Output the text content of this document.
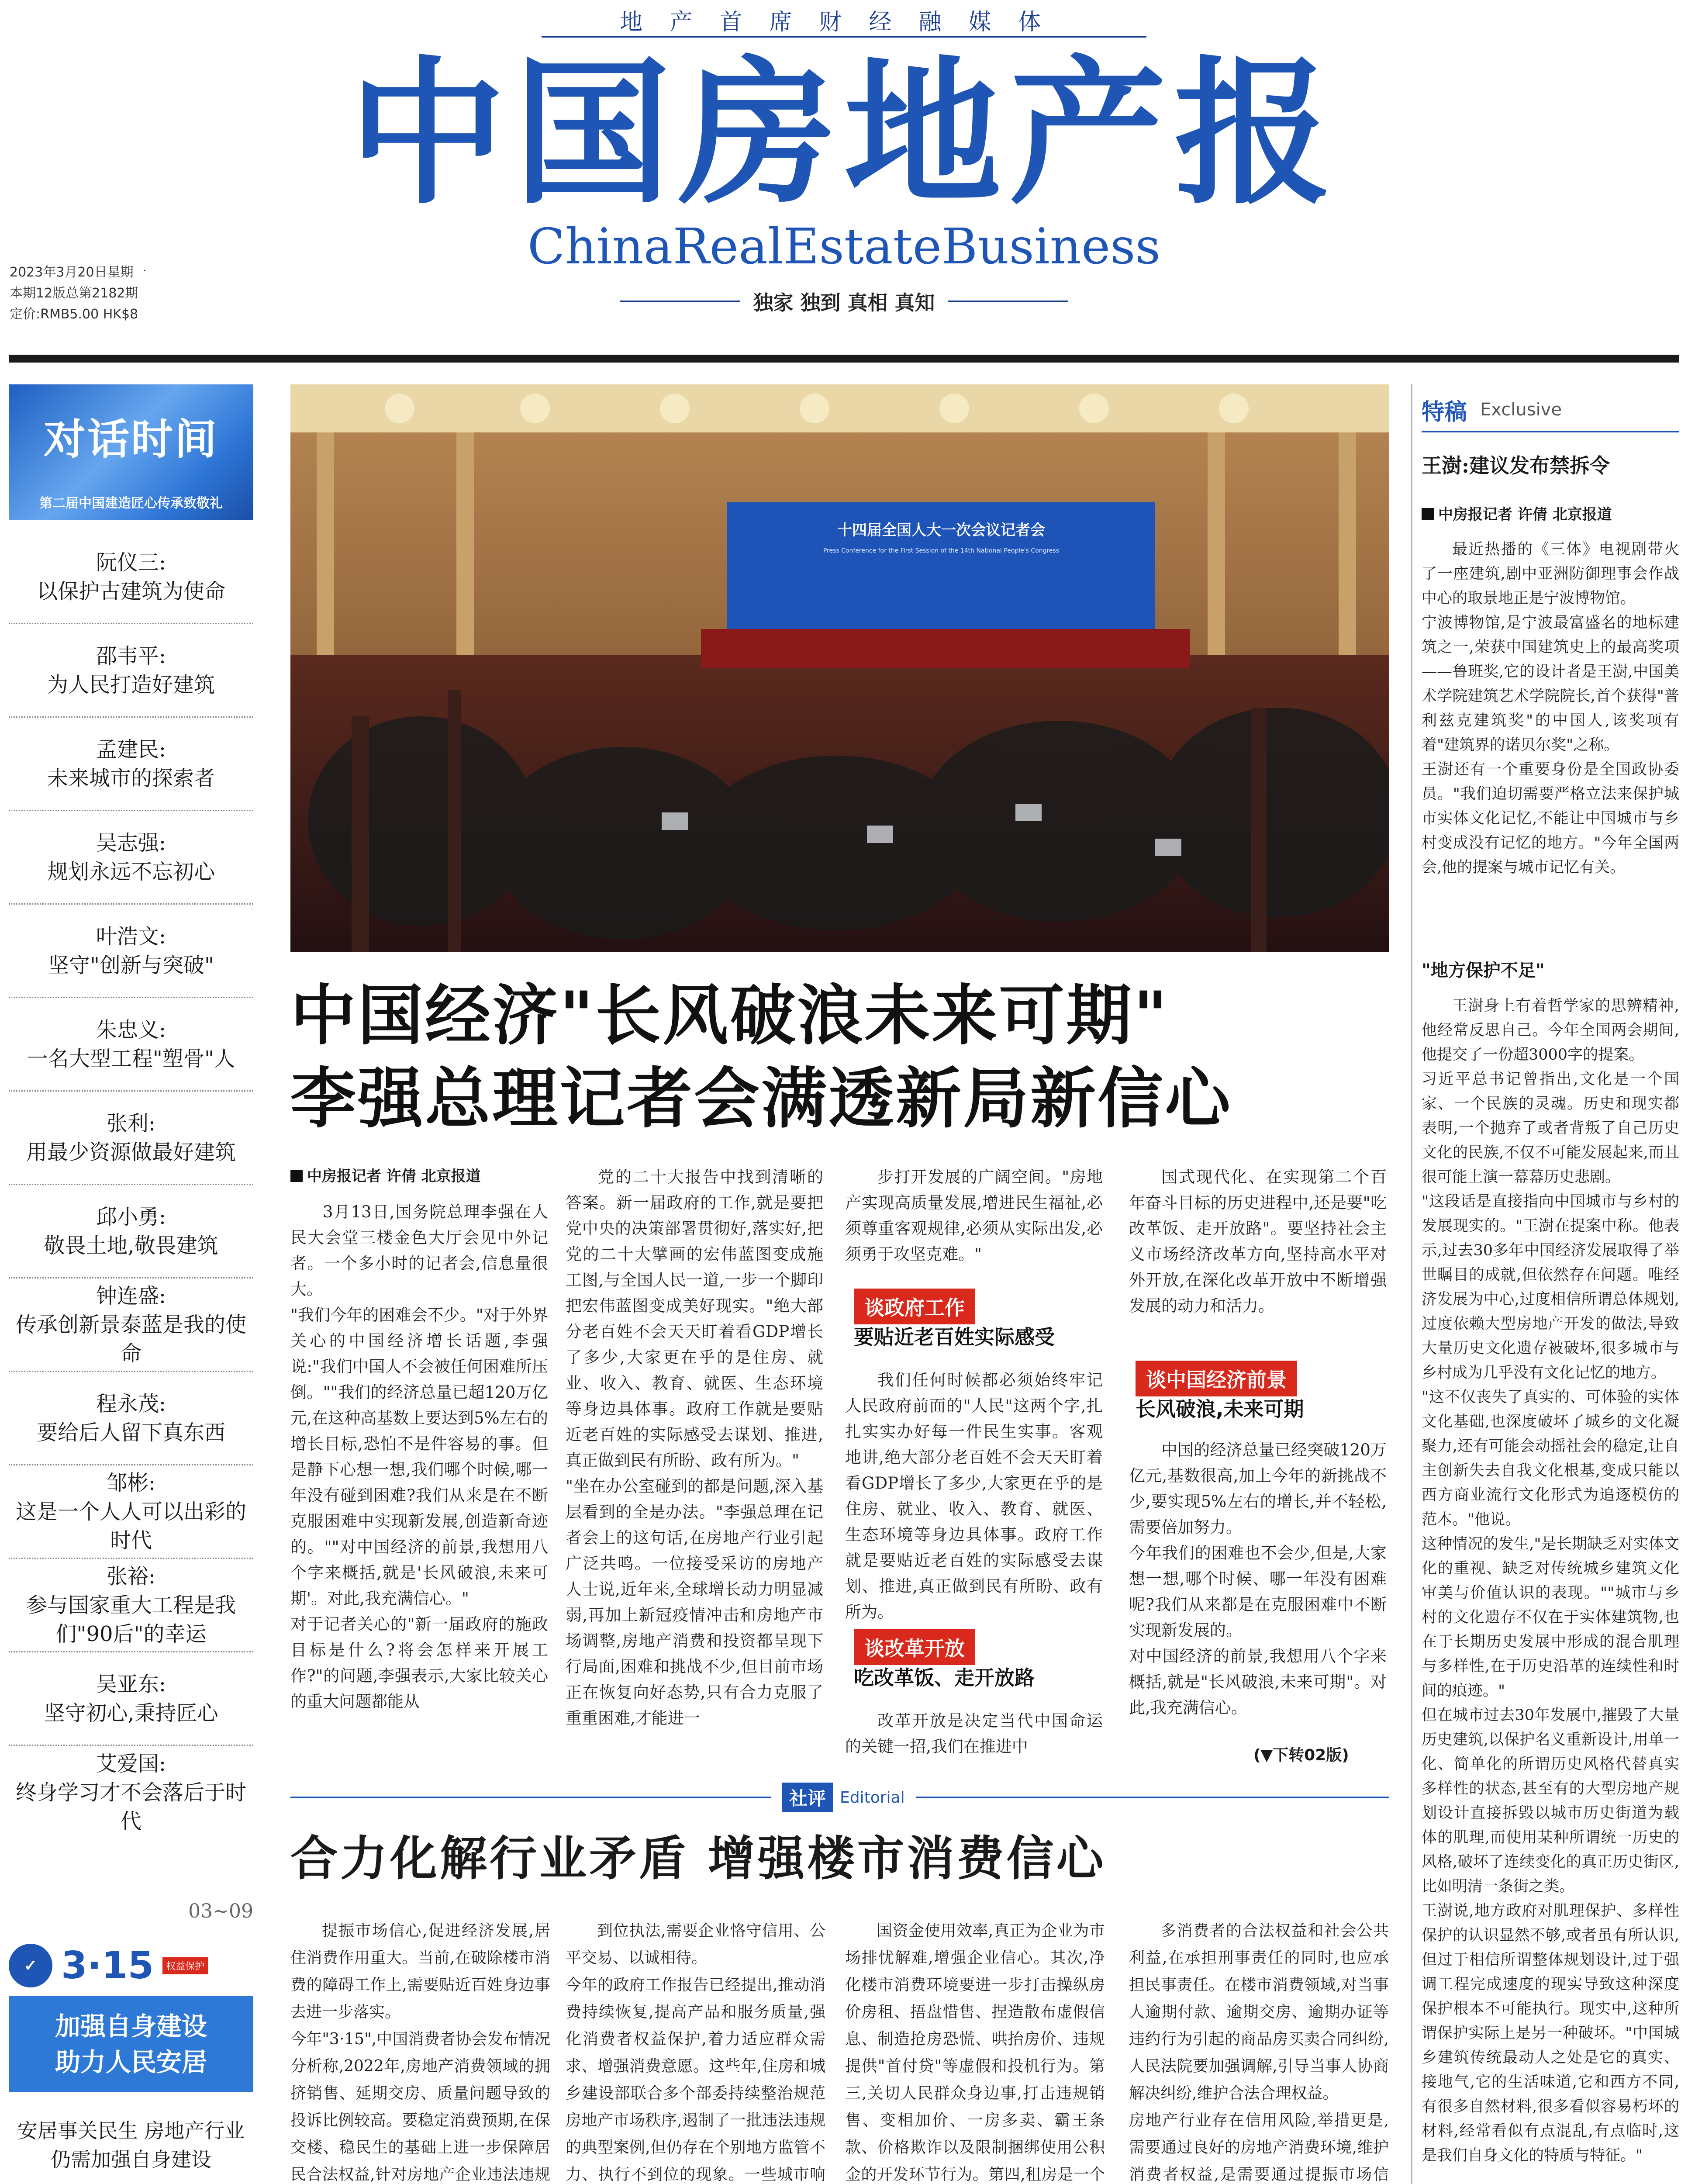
地产首席财经融媒体
中国房地产报
ChinaRealEstateBusiness
独家 独到 真相 真知
2023年3月20日星期一
本期12版总第2182期
定价:RMB5.00 HK$8
对话时间
第二届中国建造匠心传承致敬礼
阮仪三:
以保护古建筑为使命
邵韦平:
为人民打造好建筑
孟建民:
未来城市的探索者
吴志强:
规划永远不忘初心
叶浩文:
坚守"创新与突破"
朱忠义:
一名大型工程"塑骨"人
张利:
用最少资源做最好建筑
邱小勇:
敬畏土地,敬畏建筑
钟连盛:
传承创新景泰蓝是我的使命
程永茂:
要给后人留下真东西
邹彬:
这是一个人人可以出彩的时代
张裕:
参与国家重大工程是我们"90后"的幸运
吴亚东:
坚守初心,秉持匠心
艾爱国:
终身学习才不会落后于时代
03~09
✓ 3·15	权益保护
加强自身建设
助力人民安居
安居事关民生 房地产行业仍需加强自身建设
十四届全国人大一次会议记者会
Press Conference for the First Session of the 14th National People's Congress
中国经济"长风破浪未来可期"
李强总理记者会满透新局新信心
中房报记者 许倩 北京报道

3月13日,国务院总理李强在人民大会堂三楼金色大厅会见中外记者。一个多小时的记者会,信息量很大。
"我们今年的困难会不少。"对于外界关心的中国经济增长话题,李强说:"我们中国人不会被任何困难所压倒。""我们的经济总量已超120万亿元,在这种高基数上要达到5%左右的增长目标,恐怕不是件容易的事。但是静下心想一想,我们哪个时候,哪一年没有碰到困难?我们从来是在不断克服困难中实现新发展,创造新奇迹的。""对中国经济的前景,我想用八个字来概括,就是'长风破浪,未来可期'。对此,我充满信心。"
对于记者关心的"新一届政府的施政目标是什么?将会怎样来开展工作?"的问题,李强表示,大家比较关心的重大问题都能从

党的二十大报告中找到清晰的答案。新一届政府的工作,就是要把党中央的决策部署贯彻好,落实好,把党的二十大擘画的宏伟蓝图变成施工图,与全国人民一道,一步一个脚印把宏伟蓝图变成美好现实。"绝大部分老百姓不会天天盯着看GDP增长了多少,大家更在乎的是住房、就业、收入、教育、就医、生态环境等身边具体事。政府工作就是要贴近老百姓的实际感受去谋划、推进,真正做到民有所盼、政有所为。"
"坐在办公室碰到的都是问题,深入基层看到的全是办法。"李强总理在记者会上的这句话,在房地产行业引起广泛共鸣。一位接受采访的房地产人士说,近年来,全球增长动力明显减弱,再加上新冠疫情冲击和房地产市场调整,房地产消费和投资都呈现下行局面,困难和挑战不少,但目前市场正在恢复向好态势,只有合力克服了重重困难,才能进一

步打开发展的广阔空间。"房地产实现高质量发展,增进民生福祉,必须尊重客观规律,必须从实际出发,必须勇于攻坚克难。"

谈政府工作
要贴近老百姓实际感受

我们任何时候都必须始终牢记人民政府前面的"人民"这两个字,扎扎实实办好每一件民生实事。客观地讲,绝大部分老百姓不会天天盯着看GDP增长了多少,大家更在乎的是住房、就业、收入、教育、就医、生态环境等身边具体事。政府工作就是要贴近老百姓的实际感受去谋划、推进,真正做到民有所盼、政有所为。

谈改革开放
吃改革饭、走开放路

改革开放是决定当代中国命运的关键一招,我们在推进中

国式现代化、在实现第二个百年奋斗目标的历史进程中,还是要"吃改革饭、走开放路"。要坚持社会主义市场经济改革方向,坚持高水平对外开放,在深化改革开放中不断增强发展的动力和活力。

谈中国经济前景
长风破浪,未来可期

中国的经济总量已经突破120万亿元,基数很高,加上今年的新挑战不少,要实现5%左右的增长,并不轻松,需要倍加努力。
今年我们的困难也不会少,但是,大家想一想,哪个时候、哪一年没有困难呢?我们从来都是在克服困难中不断实现新发展的。
对中国经济的前景,我想用八个字来概括,就是"长风破浪,未来可期"。对此,我充满信心。

(▼下转02版)
社评 Editorial
合力化解行业矛盾 增强楼市消费信心

提振市场信心,促进经济发展,居住消费作用重大。当前,在破除楼市消费的障碍工作上,需要贴近百姓身边事去进一步落实。
今年"3·15",中国消费者协会发布情况分析称,2022年,房地产消费领域的拥挤销售、延期交房、质量问题导致的投诉比例较高。要稳定消费预期,在保交楼、稳民生的基础上进一步保障居民合法权益,针对房地产企业违法违规

到位执法,需要企业恪守信用、公平交易、以诚相待。
今年的政府工作报告已经提出,推动消费持续恢复,提高产品和服务质量,强化消费者权益保护,着力适应群众需求、增强消费意愿。这些年,住房和城乡建设部联合多个部委持续整治规范房地产市场秩序,遏制了一批违法违规的典型案例,但仍存在个别地方监管不力、执行不到位的现象。一些城市响

国资金使用效率,真正为企业为市场排忧解难,增强企业信心。其次,净化楼市消费环境要进一步打击操纵房价房租、捂盘惜售、捏造散布虚假信息、制造抢房恐慌、哄抬房价、违规提供"首付贷"等虚假和投机行为。第三,关切人民群众身边事,打击违规销售、变相加价、一房多卖、霸王条款、价格欺诈以及限制捆绑使用公积金的开发环节行为。第四,租房是一个

多消费者的合法权益和社会公共利益,在承担刑事责任的同时,也应承担民事责任。在楼市消费领域,对当事人逾期付款、逾期交房、逾期办证等违约行为引起的商品房买卖合同纠纷,人民法院要加强调解,引导当事人协商解决纠纷,维护合法合理权益。
房地产行业存在信用风险,举措更是,需要通过良好的房地产消费环境,维护消费者权益,是需要通过提振市场信

特稿 Exclusive
王澍:建议发布禁拆令
中房报记者 许倩 北京报道

最近热播的《三体》电视剧带火了一座建筑,剧中亚洲防御理事会作战中心的取景地正是宁波博物馆。
宁波博物馆,是宁波最富盛名的地标建筑之一,荣获中国建筑史上的最高奖项——鲁班奖,它的设计者是王澍,中国美术学院建筑艺术学院院长,首个获得"普利兹克建筑奖"的中国人,该奖项有着"建筑界的诺贝尔奖"之称。
王澍还有一个重要身份是全国政协委员。"我们迫切需要严格立法来保护城市实体文化记忆,不能让中国城市与乡村变成没有记忆的地方。"今年全国两会,他的提案与城市记忆有关。

"地方保护不足"

王澍身上有着哲学家的思辨精神,他经常反思自己。今年全国两会期间,他提交了一份超3000字的提案。
习近平总书记曾指出,文化是一个国家、一个民族的灵魂。历史和现实都表明,一个抛弃了或者背叛了自己历史文化的民族,不仅不可能发展起来,而且很可能上演一幕幕历史悲剧。
"这段话是直接指向中国城市与乡村的发展现实的。"王澍在提案中称。他表示,过去30多年中国经济发展取得了举世瞩目的成就,但依然存在问题。唯经济发展为中心,过度相信所谓总体规划,过度依赖大型房地产开发的做法,导致大量历史文化遗存被破坏,很多城市与乡村成为几乎没有文化记忆的地方。
"这不仅丧失了真实的、可体验的实体文化基础,也深度破坏了城乡的文化凝聚力,还有可能会动摇社会的稳定,让自主创新失去自我文化根基,变成只能以西方商业流行文化形式为追逐模仿的范本。"他说。
这种情况的发生,"是长期缺乏对实体文化的重视、缺乏对传统城乡建筑文化审美与价值认识的表现。""城市与乡村的文化遗存不仅在于实体建筑物,也在于长期历史发展中形成的混合肌理与多样性,在于历史沿革的连续性和时间的痕迹。"
但在城市过去30年发展中,摧毁了大量历史建筑,以保护名义重新设计,用单一化、简单化的所谓历史风格代替真实多样性的状态,甚至有的大型房地产规划设计直接拆毁以城市历史街道为载体的肌理,而使用某种所谓统一历史的风格,破坏了连续变化的真正历史街区,比如明清一条街之类。
王澍说,地方政府对肌理保护、多样性保护的认识显然不够,或者虽有所认识,但过于相信所谓整体规划设计,过于强调工程完成速度的现实导致这种深度保护根本不可能执行。现实中,这种所谓保护实际上是另一种破坏。"中国城乡建筑传统最动人之处是它的真实、接地气,它的生活味道,它和西方不同,有很多自然材料,很多看似容易朽坏的材料,经常看似有点混乱,有点临时,这是我们自身文化的特质与特征。"
